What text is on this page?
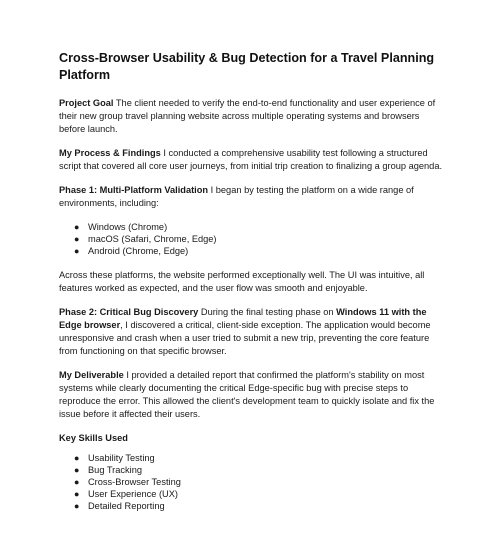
Cross-Browser Usability & Bug Detection for a Travel Planning Platform

Project Goal The client needed to verify the end-to-end functionality and user experience of their new group travel planning website across multiple operating systems and browsers before launch.

My Process & Findings I conducted a comprehensive usability test following a structured script that covered all core user journeys, from initial trip creation to finalizing a group agenda.

Phase 1: Multi-Platform Validation I began by testing the platform on a wide range of environments, including:

● Windows (Chrome)
● macOS (Safari, Chrome, Edge)
● Android (Chrome, Edge)

Across these platforms, the website performed exceptionally well. The UI was intuitive, all features worked as expected, and the user flow was smooth and enjoyable.

Phase 2: Critical Bug Discovery During the final testing phase on Windows 11 with the Edge browser, I discovered a critical, client-side exception. The application would become unresponsive and crash when a user tried to submit a new trip, preventing the core feature from functioning on that specific browser.

My Deliverable I provided a detailed report that confirmed the platform's stability on most systems while clearly documenting the critical Edge-specific bug with precise steps to reproduce the error. This allowed the client's development team to quickly isolate and fix the issue before it affected their users.

Key Skills Used

● Usability Testing
● Bug Tracking
● Cross-Browser Testing
● User Experience (UX)
● Detailed Reporting
